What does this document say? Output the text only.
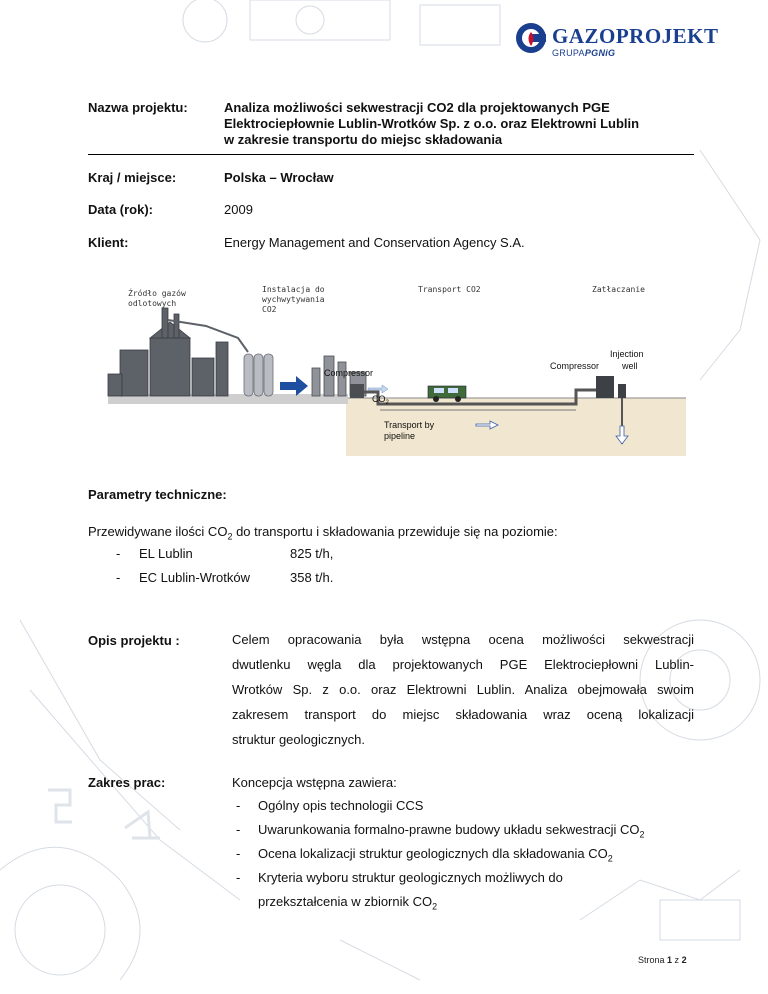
GAZOPROJEKT
GRUPAPGNiG
Nazwa projektu:	Analiza możliwości sekwestracji CO2 dla projektowanych PGE
Elektrociepłownie Lublin-Wrotków Sp. z o.o. oraz Elektrowni Lublin
w zakresie transportu do miejsc składowania
Kraj / miejsce:	Polska – Wrocław
Data (rok):	2009
Klient:	Energy Management and Conservation Agency S.A.
Źródło gazów
odlotowych
Instalacja do
wychwytywania
CO2
Transport CO2	Zatłaczanie
Compressor
$CO_2$
Compressor
Injection
well
Transport by
pipeline
Parametry techniczne:
Przewidywane ilości $CO_2$ do transportu i składowania przewiduje się na poziomie:
- EL Lublin	825 t/h,
- EC Lublin-Wrotków	358 t/h.
Opis projektu :	Celem opracowania była wstępna ocena możliwości sekwestracji
dwutlenku węgla dla projektowanych PGE Elektrociepłowni Lublin-
Wrotków Sp. z o.o. oraz Elektrowni Lublin. Analiza obejmowała swoim
zakresem transport do miejsc składowania wraz oceną lokalizacji
struktur geologicznych.
Zakres prac:	Koncepcja wstępna zawiera:
- Ogólny opis technologii CCS
- Uwarunkowania formalno-prawne budowy układu sekwestracji $CO_2$
- Ocena lokalizacji struktur geologicznych dla składowania $CO_2$
- Kryteria wyboru struktur geologicznych możliwych do
przekształcenia w zbiornik $CO_2$
Strona 1 z 2
